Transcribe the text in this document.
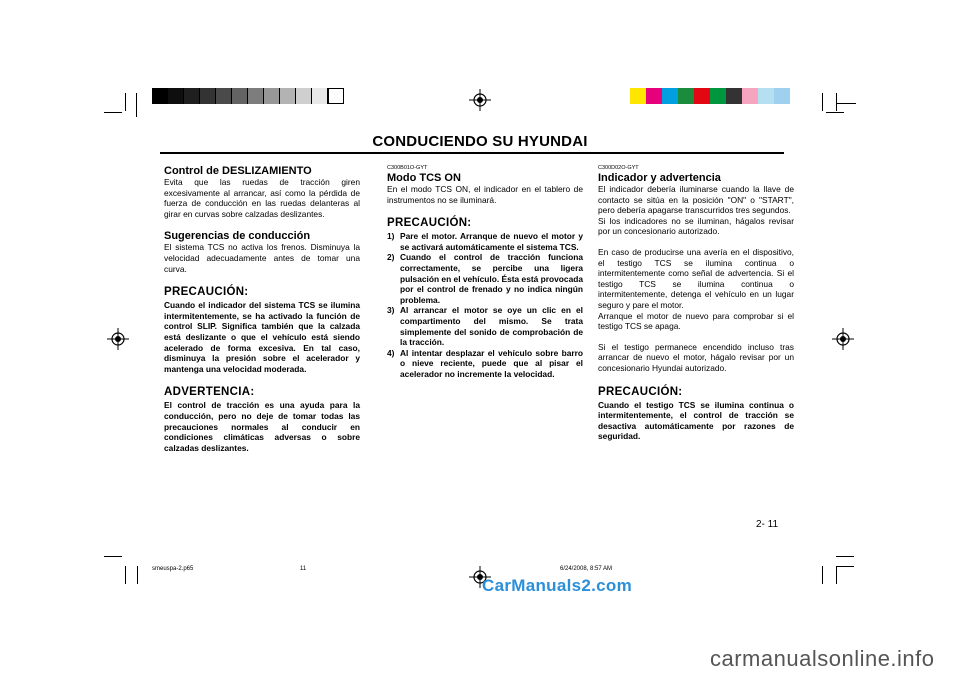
CONDUCIENDO SU HYUNDAI
Control de DESLIZAMIENTO

Evita que las ruedas de tracción giren excesivamente al arrancar, así como la pérdida de fuerza de conducción en las ruedas delanteras al girar en curvas sobre calzadas deslizantes.

Sugerencias de conducción

El sistema TCS no activa los frenos. Disminuya la velocidad adecuadamente antes de tomar una curva.

PRECAUCIÓN:

Cuando el indicador del sistema TCS se ilumina intermitentemente, se ha activado la función de control SLIP. Significa también que la calzada está deslizante o que el vehículo está siendo acelerado de forma excesiva. En tal caso, disminuya la presión sobre el acelerador y mantenga una velocidad moderada.

ADVERTENCIA:

El control de tracción es una ayuda para la conducción, pero no deje de tomar todas las precauciones normales al conducir en condiciones climáticas adversas o sobre calzadas deslizantes.

C300B01O-GYT
Modo TCS ON

En el modo TCS ON, el indicador en el tablero de instrumentos no se iluminará.

PRECAUCIÓN:
1) Pare el motor. Arranque de nuevo el motor y se activará automáticamente el sistema TCS.
2) Cuando el control de tracción funciona correctamente, se percibe una ligera pulsación en el vehículo. Ésta está provocada por el control de frenado y no indica ningún problema.
3) Al arrancar el motor se oye un clic en el compartimento del mismo. Se trata simplemente del sonido de comprobación de la tracción.
4) Al intentar desplazar el vehículo sobre barro o nieve reciente, puede que al pisar el acelerador no incremente la velocidad.
C300D02O-GYT
Indicador y advertencia

El indicador debería iluminarse cuando la llave de contacto se sitúa en la posición "ON" o "START", pero debería apagarse transcurridos tres segundos.

Si los indicadores no se iluminan, hágalos revisar por un concesionario autorizado.

En caso de producirse una avería en el dispositivo, el testigo TCS se ilumina continua o intermitentemente como señal de advertencia. Si el testigo TCS se ilumina continua o intermitentemente, detenga el vehículo en un lugar seguro y pare el motor.

Arranque el motor de nuevo para comprobar si el testigo TCS se apaga.

Si el testigo permanece encendido incluso tras arrancar de nuevo el motor, hágalo revisar por un concesionario Hyundai autorizado.

PRECAUCIÓN:

Cuando el testigo TCS se ilumina continua o intermitentemente, el control de tracción se desactiva automáticamente por razones de seguridad.

2- 11
smeuspa-2.p65	11	6/24/2008, 8:57 AM
CarManuals2.com
carmanualsonline.info
